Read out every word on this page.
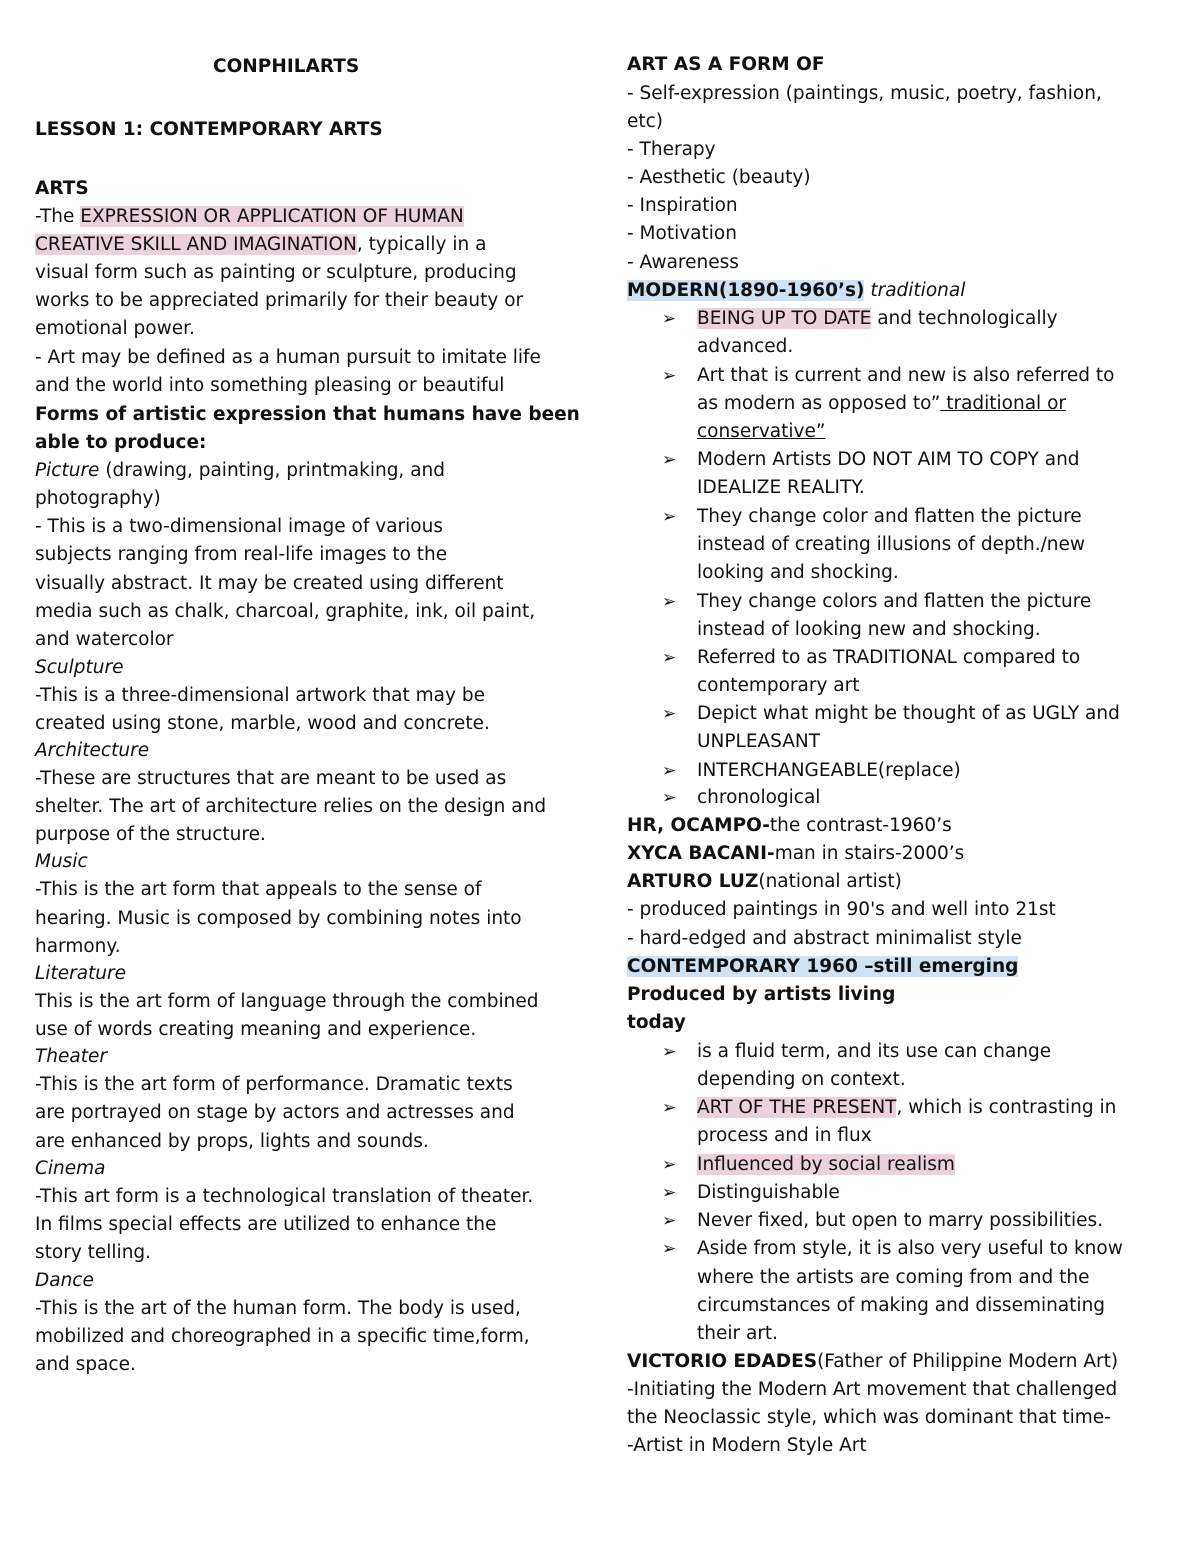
CONPHILARTS
LESSON 1: CONTEMPORARY ARTS
ARTS
-The EXPRESSION OR APPLICATION OF HUMAN
CREATIVE SKILL AND IMAGINATION, typically in a
visual form such as painting or sculpture, producing
works to be appreciated primarily for their beauty or
emotional power.
- Art may be defined as a human pursuit to imitate life
and the world into something pleasing or beautiful
Forms of artistic expression that humans have been
able to produce:
Picture (drawing, painting, printmaking, and
photography)
- This is a two-dimensional image of various
subjects ranging from real-life images to the
visually abstract. It may be created using different
media such as chalk, charcoal, graphite, ink, oil paint,
and watercolor
Sculpture
-This is a three-dimensional artwork that may be
created using stone, marble, wood and concrete.
Architecture
-These are structures that are meant to be used as
shelter. The art of architecture relies on the design and
purpose of the structure.
Music
-This is the art form that appeals to the sense of
hearing. Music is composed by combining notes into
harmony.
Literature
This is the art form of language through the combined
use of words creating meaning and experience.
Theater
-This is the art form of performance. Dramatic texts
are portrayed on stage by actors and actresses and
are enhanced by props, lights and sounds.
Cinema
-This art form is a technological translation of theater.
In films special effects are utilized to enhance the
story telling.
Dance
-This is the art of the human form. The body is used,
mobilized and choreographed in a specific time,form,
and space.
ART AS A FORM OF
- Self-expression (paintings, music, poetry, fashion,
etc)
- Therapy
- Aesthetic (beauty)
- Inspiration
- Motivation
- Awareness
MODERN(1890-1960’s) traditional
➢	BEING UP TO DATE and technologically
advanced.
➢	Art that is current and new is also referred to
as modern as opposed to” traditional or
conservative”
➢	Modern Artists DO NOT AIM TO COPY and
IDEALIZE REALITY.
➢	They change color and flatten the picture
instead of creating illusions of depth./new
looking and shocking.
➢	They change colors and flatten the picture
instead of looking new and shocking.
➢	Referred to as TRADITIONAL compared to
contemporary art
➢	Depict what might be thought of as UGLY and
UNPLEASANT
➢	INTERCHANGEABLE(replace)
➢	chronological
HR, OCAMPO-the contrast-1960’s
XYCA BACANI-man in stairs-2000’s
ARTURO LUZ(national artist)
- produced paintings in 90's and well into 21st
- hard-edged and abstract minimalist style
CONTEMPORARY 1960 –still emerging
Produced by artists living
today
➢	is a fluid term, and its use can change
depending on context.
➢	ART OF THE PRESENT, which is contrasting in
process and in flux
➢	Influenced by social realism
➢	Distinguishable
➢	Never fixed, but open to marry possibilities.
➢	Aside from style, it is also very useful to know
where the artists are coming from and the
circumstances of making and disseminating
their art.
VICTORIO EDADES(Father of Philippine Modern Art)
-Initiating the Modern Art movement that challenged
the Neoclassic style, which was dominant that time-
-Artist in Modern Style Art
